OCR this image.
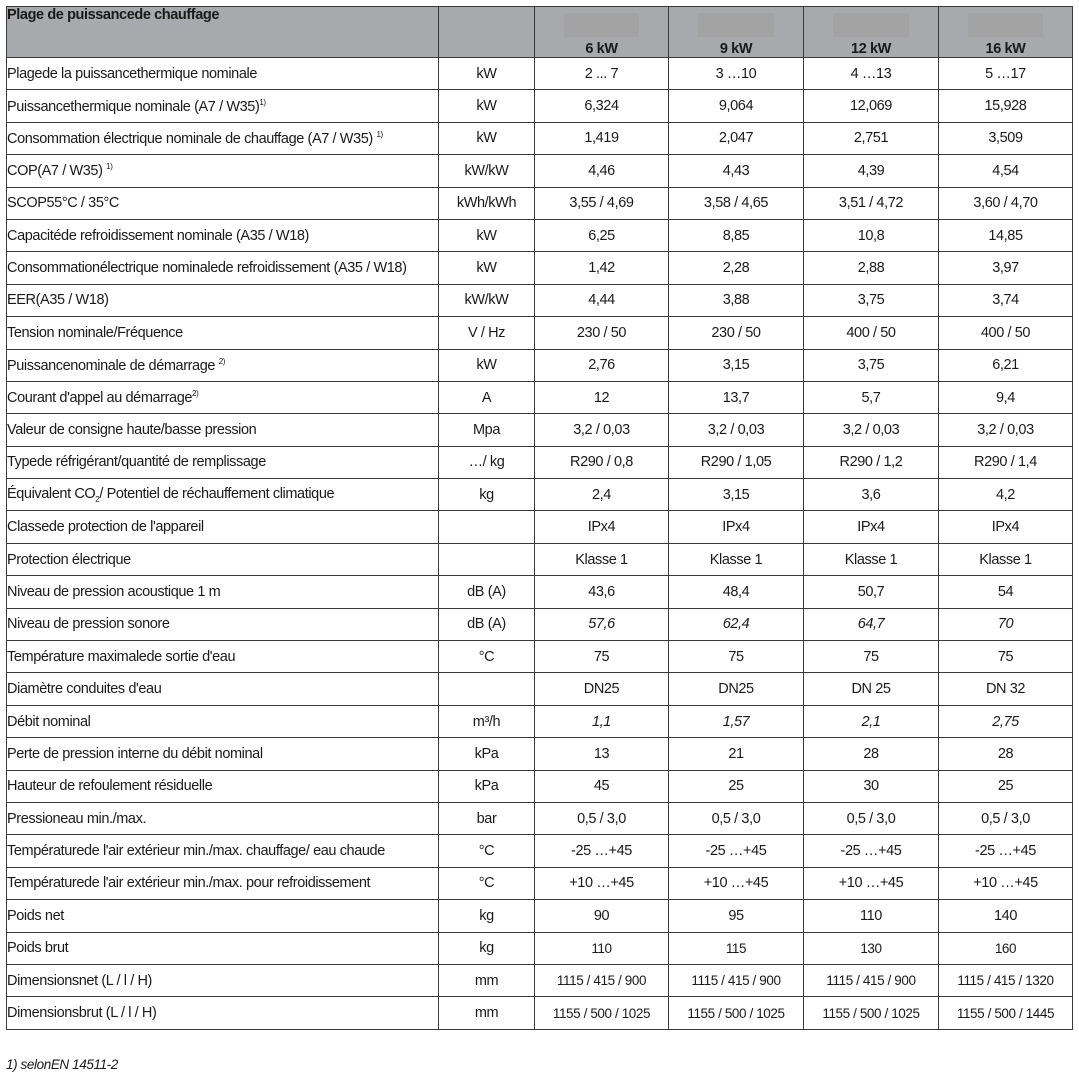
Plage de puissancede chauffage		6 kW	9 kW	12 kW	16 kW
Plagede la puissancethermique nominale	kW	2 ... 7	3 …10	4 …13	5 …17
Puissancethermique nominale (A7 / W35)$^{1)}$	kW	6,324	9,064	12,069	15,928
Consommation électrique nominale de chauffage (A7 / W35) $^{1)}$	kW	1,419	2,047	2,751	3,509
COP(A7 / W35) $^{1)}$	kW/kW	4,46	4,43	4,39	4,54
SCOP55°C / 35°C	kWh/kWh	3,55 / 4,69	3,58 / 4,65	3,51 / 4,72	3,60 / 4,70
Capacitéde refroidissement nominale (A35 / W18)	kW	6,25	8,85	10,8	14,85
Consommationélectrique nominalede refroidissement (A35 / W18)	kW	1,42	2,28	2,88	3,97
EER(A35 / W18)	kW/kW	4,44	3,88	3,75	3,74
Tension nominale/Fréquence	V / Hz	230 / 50	230 / 50	400 / 50	400 / 50
Puissancenominale de démarrage $^{2)}$	kW	2,76	3,15	3,75	6,21
Courant d'appel au démarrage$^{2)}$	A	12	13,7	5,7	9,4
Valeur de consigne haute/basse pression	Mpa	3,2 / 0,03	3,2 / 0,03	3,2 / 0,03	3,2 / 0,03
Typede réfrigérant/quantité de remplissage	…/ kg	R290 / 0,8	R290 / 1,05	R290 / 1,2	R290 / 1,4
Équivalent $CO_2/$ Potentiel de réchauffement climatique	kg	2,4	3,15	3,6	4,2
Classede protection de l'appareil		IPx4	IPx4	IPx4	IPx4
Protection électrique		Klasse 1	Klasse 1	Klasse 1	Klasse 1
Niveau de pression acoustique 1 m	dB (A)	43,6	48,4	50,7	54
Niveau de pression sonore	dB (A)	57,6	62,4	64,7	70
Température maximalede sortie d'eau	°C	75	75	75	75
Diamètre conduites d'eau		DN25	DN25	DN 25	DN 32
Débit nominal	m³/h	1,1	1,57	2,1	2,75
Perte de pression interne du débit nominal	kPa	13	21	28	28
Hauteur de refoulement résiduelle	kPa	45	25	30	25
Pressioneau min./max.	bar	0,5 / 3,0	0,5 / 3,0	0,5 / 3,0	0,5 / 3,0
Températurede l'air extérieur min./max. chauffage/ eau chaude	°C	-25 …+45	-25 …+45	-25 …+45	-25 …+45
Températurede l'air extérieur min./max. pour refroidissement	°C	+10 …+45	+10 …+45	+10 …+45	+10 …+45
Poids net	kg	90	95	110	140
Poids brut	kg	110	115	130	160
Dimensionsnet (L / l / H)	mm	1115 / 415 / 900	1115 / 415 / 900	1115 / 415 / 900	1115 / 415 / 1320
Dimensionsbrut (L / l / H)	mm	1155 / 500 / 1025	1155 / 500 / 1025	1155 / 500 / 1025	1155 / 500 / 1445
1) selonEN 14511-2
